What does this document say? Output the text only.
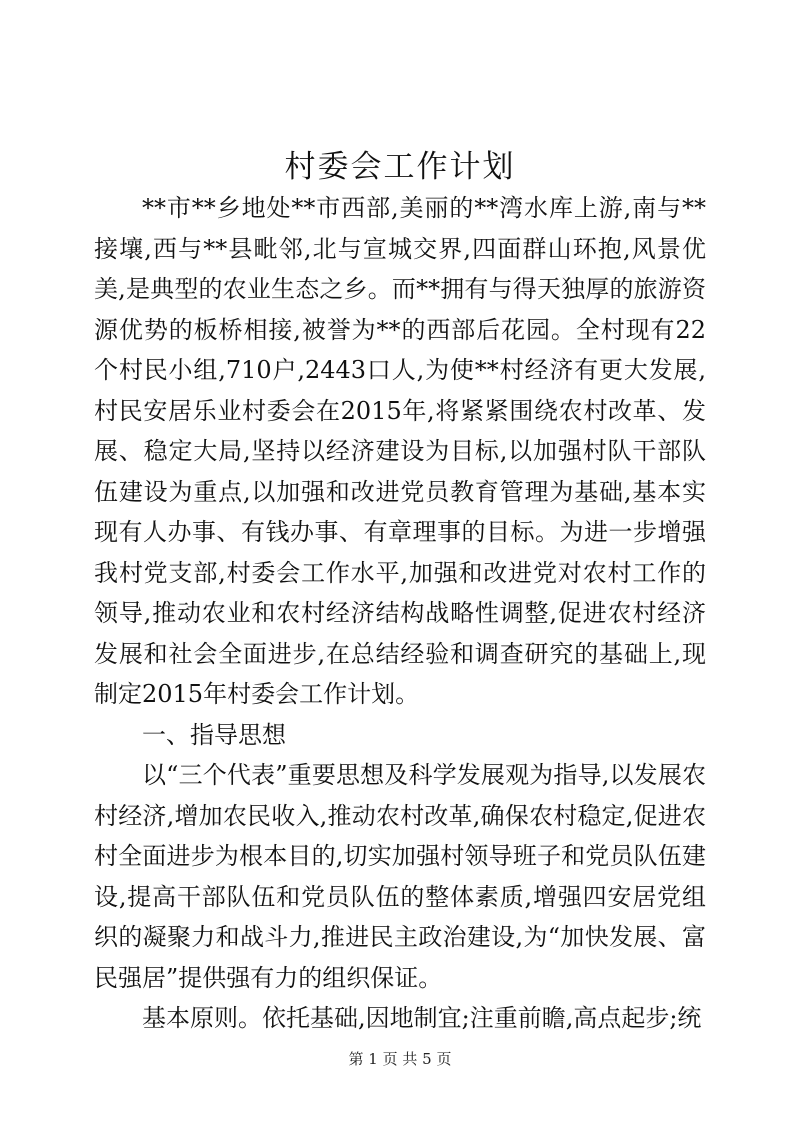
村委会工作计划

**市**乡地处**市西部,美丽的**湾水库上游,南与**接壤,西与**县毗邻,北与宣城交界,四面群山环抱,风景优美,是典型的农业生态之乡。而**拥有与得天独厚的旅游资源优势的板桥相接,被誉为**的西部后花园。全村现有22个村民小组,710户,2443口人,为使**村经济有更大发展,村民安居乐业村委会在2015年,将紧紧围绕农村改革、发展、稳定大局,坚持以经济建设为目标,以加强村队干部队伍建设为重点,以加强和改进党员教育管理为基础,基本实现有人办事、有钱办事、有章理事的目标。为进一步增强我村党支部,村委会工作水平,加强和改进党对农村工作的领导,推动农业和农村经济结构战略性调整,促进农村经济发展和社会全面进步,在总结经验和调查研究的基础上,现制定2015年村委会工作计划。

一、指导思想

以“三个代表”重要思想及科学发展观为指导,以发展农村经济,增加农民收入,推动农村改革,确保农村稳定,促进农村全面进步为根本目的,切实加强村领导班子和党员队伍建设,提高干部队伍和党员队伍的整体素质,增强四安居党组织的凝聚力和战斗力,推进民主政治建设,为“加快发展、富民强居”提供强有力的组织保证。

基本原则。依托基础,因地制宜;注重前瞻,高点起步;统

第 1 页 共 5 页
